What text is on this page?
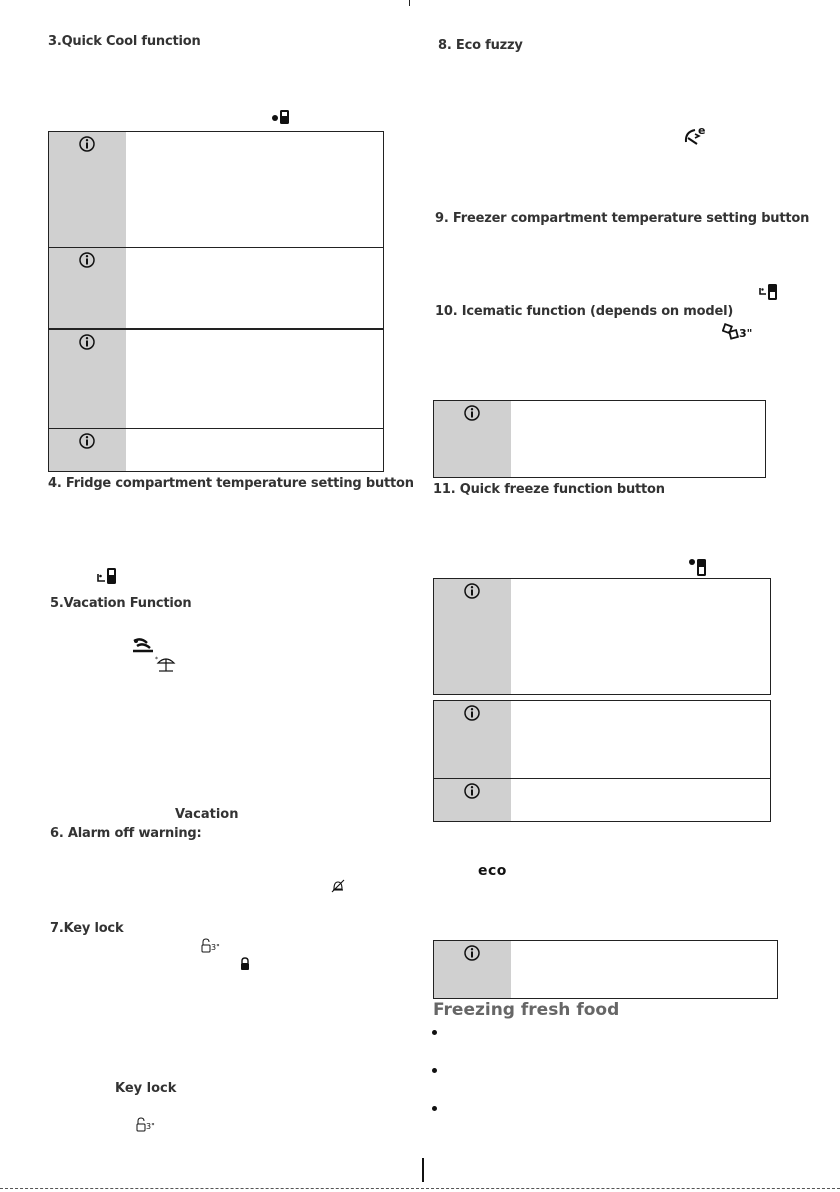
3.Quick Cool function
4. Fridge compartment temperature setting button
5.Vacation Function
*
Vacation
6. Alarm off warning:
7.Key lock
3"
Key lock
3"
8. Eco fuzzy
e
9. Freezer compartment temperature setting button
10. Icematic function (depends on model)
3"
11. Quick freeze function button
eco
Freezing fresh food
